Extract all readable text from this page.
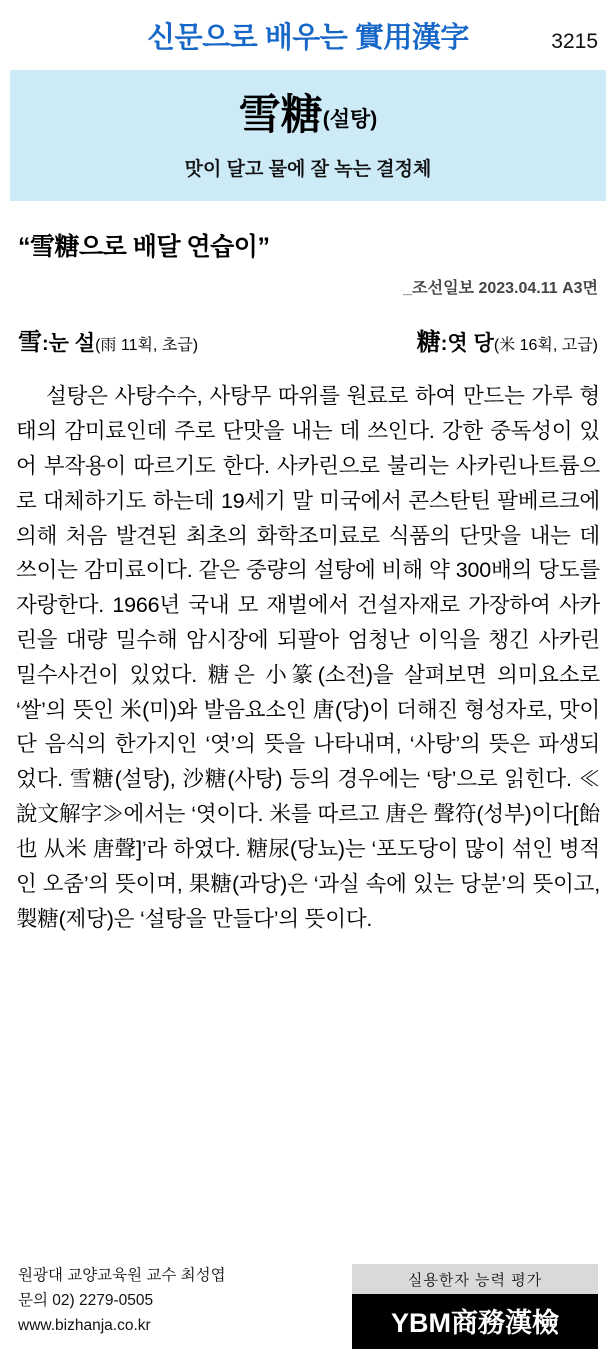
신문으로 배우는 實用漢字	3215
雪糖(설탕)
맛이 달고 물에 잘 녹는 결정체
“雪糖으로 배달 연습이”
_조선일보 2023.04.11 A3면
雪:눈 설(雨 11획, 초급)	糖:엿 당(米 16획, 고급)
설탕은 사탕수수, 사탕무 따위를 원료로 하여 만드는 가루 형태의 감미료인데 주로 단맛을 내는 데 쓰인다. 강한 중독성이 있어 부작용이 따르기도 한다. 사카린으로 불리는 사카린나트륨으로 대체하기도 하는데 19세기 말 미국에서 콘스탄틴 팔베르크에 의해 처음 발견된 최초의 화학조미료로 식품의 단맛을 내는 데 쓰이는 감미료이다. 같은 중량의 설탕에 비해 약 300배의 당도를 자랑한다. 1966년 국내 모 재벌에서 건설자재로 가장하여 사카린을 대량 밀수해 암시장에 되팔아 엄청난 이익을 챙긴 사카린 밀수사건이 있었다. 糖은 小篆(소전)을 살펴보면 의미요소로 ‘쌀’의 뜻인 米(미)와 발음요소인 唐(당)이 더해진 형성자로, 맛이 단 음식의 한가지인 ‘엿’의 뜻을 나타내며, ‘사탕’의 뜻은 파생되었다. 雪糖(설탕), 沙糖(사탕) 등의 경우에는 ‘탕’으로 읽힌다. ≪說文解字≫에서는 ‘엿이다. 米를 따르고 唐은 聲符(성부)이다[飴也 从米 唐聲]’라 하였다. 糖尿(당뇨)는 ‘포도당이 많이 섞인 병적인 오줌’의 뜻이며, 果糖(과당)은 ‘과실 속에 있는 당분’의 뜻이고, 製糖(제당)은 ‘설탕을 만들다’의 뜻이다.
원광대 교양교육원 교수 최성엽
문의 02) 2279-0505
www.bizhanja.co.kr
실용한자 능력 평가
YBM商務漢檢
